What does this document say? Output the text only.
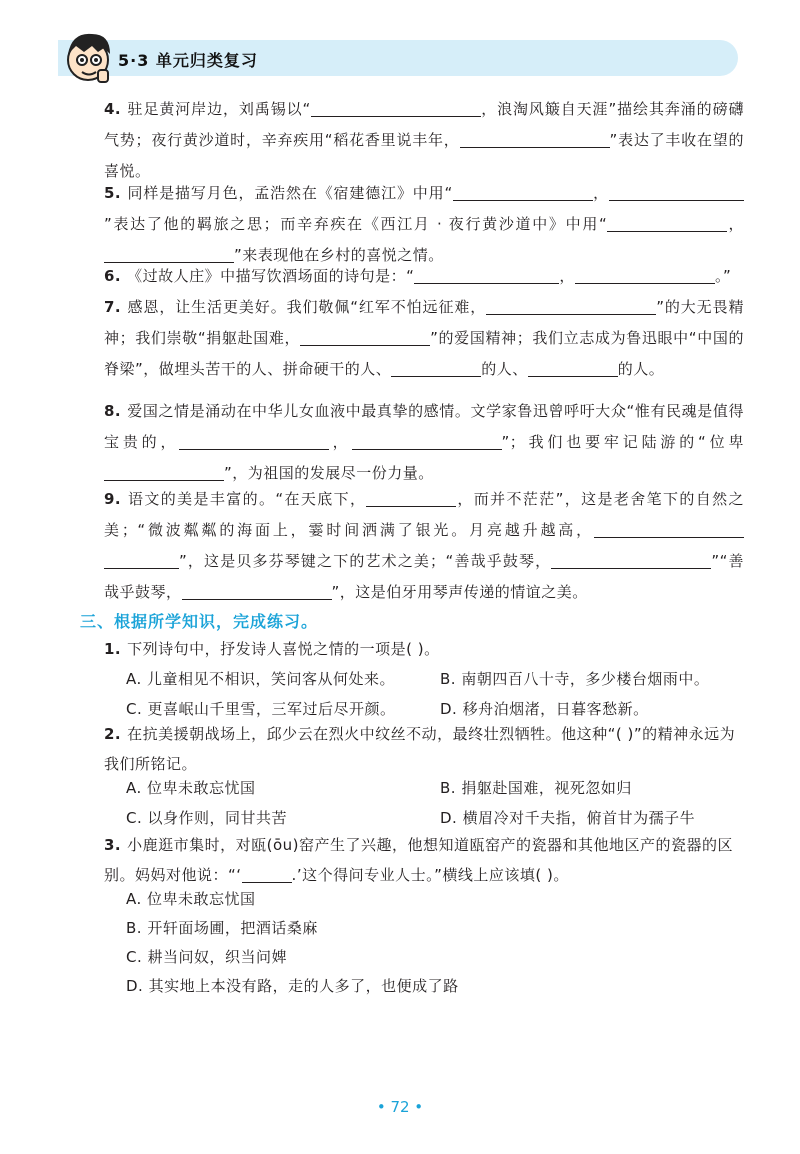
5·3 单元归类复习
4. 驻足黄河岸边，刘禹锡以“	，浪淘风簸自天涯”描绘其奔涌的磅礴气势；夜行黄沙道时，辛弃疾用“稻花香里说丰年，	”表达了丰收在望的喜悦。
5. 同样是描写月色，孟浩然在《宿建德江》中用“	，”表达了他的羁旅之思；而辛弃疾在《西江月 · 夜行黄沙道中》中用“	，”来表现他在乡村的喜悦之情。
6. 《过故人庄》中描写饮酒场面的诗句是：“	，	。”
7. 感恩，让生活更美好。我们敬佩“红军不怕远征难，	”的大无畏精神；我们崇敬“捐躯赴国难，	”的爱国精神；我们立志成为鲁迅眼中“中国的脊梁”，做埋头苦干的人、拼命硬干的人、	的人、	的人。
8. 爱国之情是涌动在中华儿女血液中最真挚的感情。文学家鲁迅曾呼吁大众“惟有民魂是值得宝贵的，	，	”；我们也要牢记陆游的“位卑”，为祖国的发展尽一份力量。
9. 语文的美是丰富的。“在天底下，	，而并不茫茫”，这是老舍笔下的自然之美；“微波粼粼的海面上，霎时间洒满了银光。月亮越升越高，”，这是贝多芬琴键之下的艺术之美；“善哉乎鼓琴，	”“善哉乎鼓琴，	”，这是伯牙用琴声传递的情谊之美。
三、根据所学知识，完成练习。
1. 下列诗句中，抒发诗人喜悦之情的一项是( )。
A. 儿童相见不相识，笑问客从何处来。	B. 南朝四百八十寺，多少楼台烟雨中。
C. 更喜岷山千里雪，三军过后尽开颜。	D. 移舟泊烟渚，日暮客愁新。
2. 在抗美援朝战场上，邱少云在烈火中纹丝不动，最终壮烈牺牲。他这种“( )”的精神永远为我们所铭记。
A. 位卑未敢忘忧国	B. 捐躯赴国难，视死忽如归
C. 以身作则，同甘共苦	D. 横眉冷对千夫指，俯首甘为孺子牛
3. 小鹿逛市集时，对瓯(ōu)窑产生了兴趣，他想知道瓯窑产的瓷器和其他地区产的瓷器的区别。妈妈对他说：“‘	.’这个得问专业人士。”横线上应该填( )。
A. 位卑未敢忘忧国
B. 开轩面场圃，把酒话桑麻
C. 耕当问奴，织当问婢
D. 其实地上本没有路，走的人多了，也便成了路
• 72 •
